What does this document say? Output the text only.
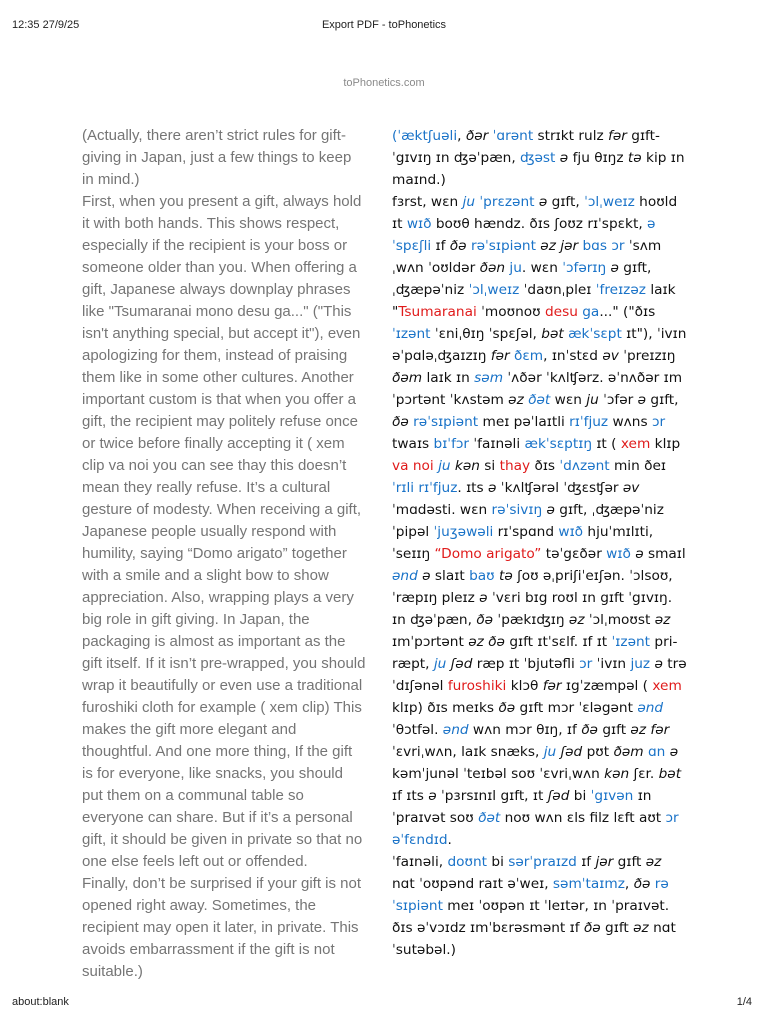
12:35 27/9/25	Export PDF - toPhonetics
toPhonetics.com

(Actually, there aren’t strict rules for gift-giving in Japan, just a few things to keep in mind.)

First, when you present a gift, always hold it with both hands. This shows respect, especially if the recipient is your boss or someone older than you. When offering a gift, Japanese always downplay phrases like "Tsumaranai mono desu ga..." ("This isn't anything special, but accept it"), even apologizing for them, instead of praising them like in some other cultures. Another important custom is that when you offer a gift, the recipient may politely refuse once or twice before finally accepting it ( xem clip va noi you can see thay this doesn’t mean they really refuse. It’s a cultural gesture of modesty. When receiving a gift, Japanese people usually respond with humility, saying “Domo arigato” together with a smile and a slight bow to show appreciation. Also, wrapping plays a very big role in gift giving. In Japan, the packaging is almost as important as the gift itself. If it isn’t pre-wrapped, you should wrap it beautifully or even use a traditional furoshiki cloth for example ( xem clip) This makes the gift more elegant and thoughtful. And one more thing, If the gift is for everyone, like snacks, you should put them on a communal table so everyone can share. But if it’s a personal gift, it should be given in private so that no one else feels left out or offended.

Finally, don’t be surprised if your gift is not opened right away. Sometimes, the recipient may open it later, in private. This avoids embarrassment if the gift is not suitable.)

(ˈæktʃuəli, ðər ˈɑrənt strɪkt rulz fər gɪft-ˈgɪvɪŋ ɪn ʤəˈpæn, ʤəst ə fju θɪŋz tə kip ɪn maɪnd.)

fɜrst, wɛn ju ˈprɛzənt ə gɪft, ˈɔlˌweɪz hoʊld ɪt wɪð boʊθ hændz. ðɪs ʃoʊz rɪˈspɛkt, əˈspɛʃli ɪf ðə rəˈsɪpiənt əz jər bɑs ɔr ˈsʌmˌwʌn ˈoʊldər ðən ju. wɛn ˈɔfərɪŋ ə gɪft, ˌʤæpəˈniz ˈɔlˌweɪz ˈdaʊnˌpleɪ ˈfreɪzəz laɪk "Tsumaranai ˈmoʊnoʊ desu ga..." ("ðɪs ˈɪzənt ˈɛniˌθɪŋ ˈspɛʃəl, bət ækˈsɛpt ɪt"), ˈivɪn əˈpɑləˌʤaɪzɪŋ fər ðɛm, ɪnˈstɛd əv ˈpreɪzɪŋ ðəm laɪk ɪn səm ˈʌðər ˈkʌlʧərz. əˈnʌðər ɪmˈpɔrtənt ˈkʌstəm əz ðət wɛn ju ˈɔfər ə gɪft, ðə rəˈsɪpiənt meɪ pəˈlaɪtli rɪˈfjuz wʌns ɔr twaɪs bɪˈfɔr ˈfaɪnəli ækˈsɛptɪŋ ɪt ( xem klɪp va noi ju kən si thay ðɪs ˈdʌzənt min ðeɪ ˈrɪli rɪˈfjuz. ɪts ə ˈkʌlʧərəl ˈʤɛsʧər əv ˈmɑdəsti. wɛn rəˈsivɪŋ ə gɪft, ˌʤæpəˈniz ˈpipəl ˈjuʒəwəli rɪˈspɑnd wɪð hjuˈmɪlɪti, ˈseɪɪŋ “Domo arigato” təˈgɛðər wɪð ə smaɪl ənd ə slaɪt baʊ tə ʃoʊ əˌpriʃiˈeɪʃən. ˈɔlsoʊ, ˈræpɪŋ pleɪz ə ˈvɛri bɪg roʊl ɪn gɪft ˈgɪvɪŋ. ɪn ʤəˈpæn, ðə ˈpækɪʤɪŋ əz ˈɔlˌmoʊst əz ɪmˈpɔrtənt əz ðə gɪft ɪtˈsɛlf. ɪf ɪt ˈɪzənt pri-ræpt, ju ʃəd ræp ɪt ˈbjutəfli ɔr ˈivɪn juz ə trəˈdɪʃənəl furoshiki klɔθ fər ɪgˈzæmpəl ( xem klɪp) ðɪs meɪks ðə gɪft mɔr ˈɛləgənt ənd ˈθɔtfəl. ənd wʌn mɔr θɪŋ, ɪf ðə gɪft əz fər ˈɛvriˌwʌn, laɪk snæks, ju ʃəd pʊt ðəm ɑn ə kəmˈjunəl ˈteɪbəl soʊ ˈɛvriˌwʌn kən ʃɛr. bət ɪf ɪts ə ˈpɜrsɪnɪl gɪft, ɪt ʃəd bi ˈgɪvən ɪn ˈpraɪvət soʊ ðət noʊ wʌn ɛls filz lɛft aʊt ɔr əˈfɛndɪd.

ˈfaɪnəli, doʊnt bi sərˈpraɪzd ɪf jər gɪft əz nɑt ˈoʊpənd raɪt əˈweɪ, səmˈtaɪmz, ðə rəˈsɪpiənt meɪ ˈoʊpən ɪt ˈleɪtər, ɪn ˈpraɪvət. ðɪs əˈvɔɪdz ɪmˈbɛrəsmənt ɪf ðə gɪft əz nɑt ˈsutəbəl.)

about:blank	1/4
